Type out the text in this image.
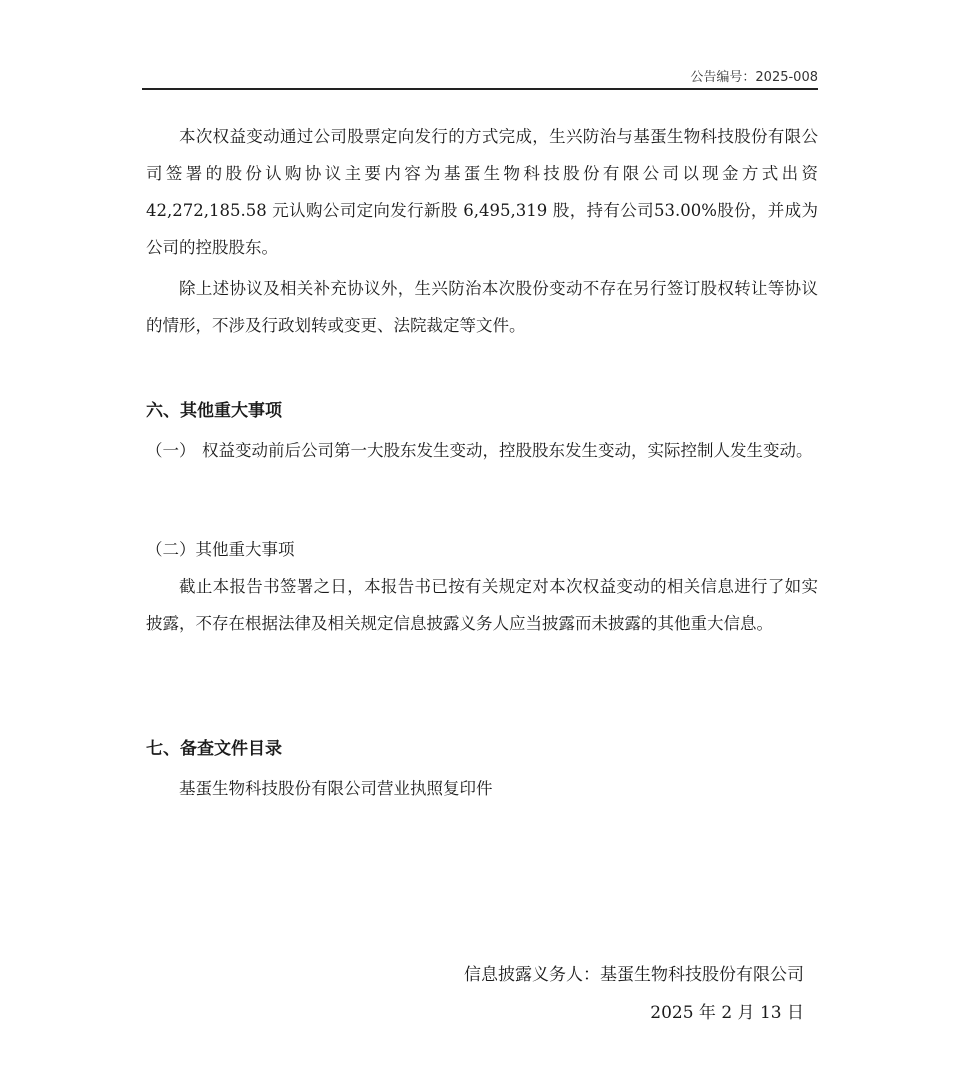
公告编号：2025-008

本次权益变动通过公司股票定向发行的方式完成，生兴防治与基蛋生物科技股份有限公司签署的股份认购协议主要内容为基蛋生物科技股份有限公司以现金方式出资 42,272,185.58 元认购公司定向发行新股 6,495,319 股，持有公司53.00%股份，并成为公司的控股股东。

除上述协议及相关补充协议外，生兴防治本次股份变动不存在另行签订股权转让等协议的情形，不涉及行政划转或变更、法院裁定等文件。

六、其他重大事项
（一） 权益变动前后公司第一大股东发生变动，控股股东发生变动，实际控制人发生变动。
（二）其他重大事项

截止本报告书签署之日，本报告书已按有关规定对本次权益变动的相关信息进行了如实披露，不存在根据法律及相关规定信息披露义务人应当披露而未披露的其他重大信息。

七、备查文件目录

基蛋生物科技股份有限公司营业执照复印件

信息披露义务人：基蛋生物科技股份有限公司
2025 年 2 月 13 日
